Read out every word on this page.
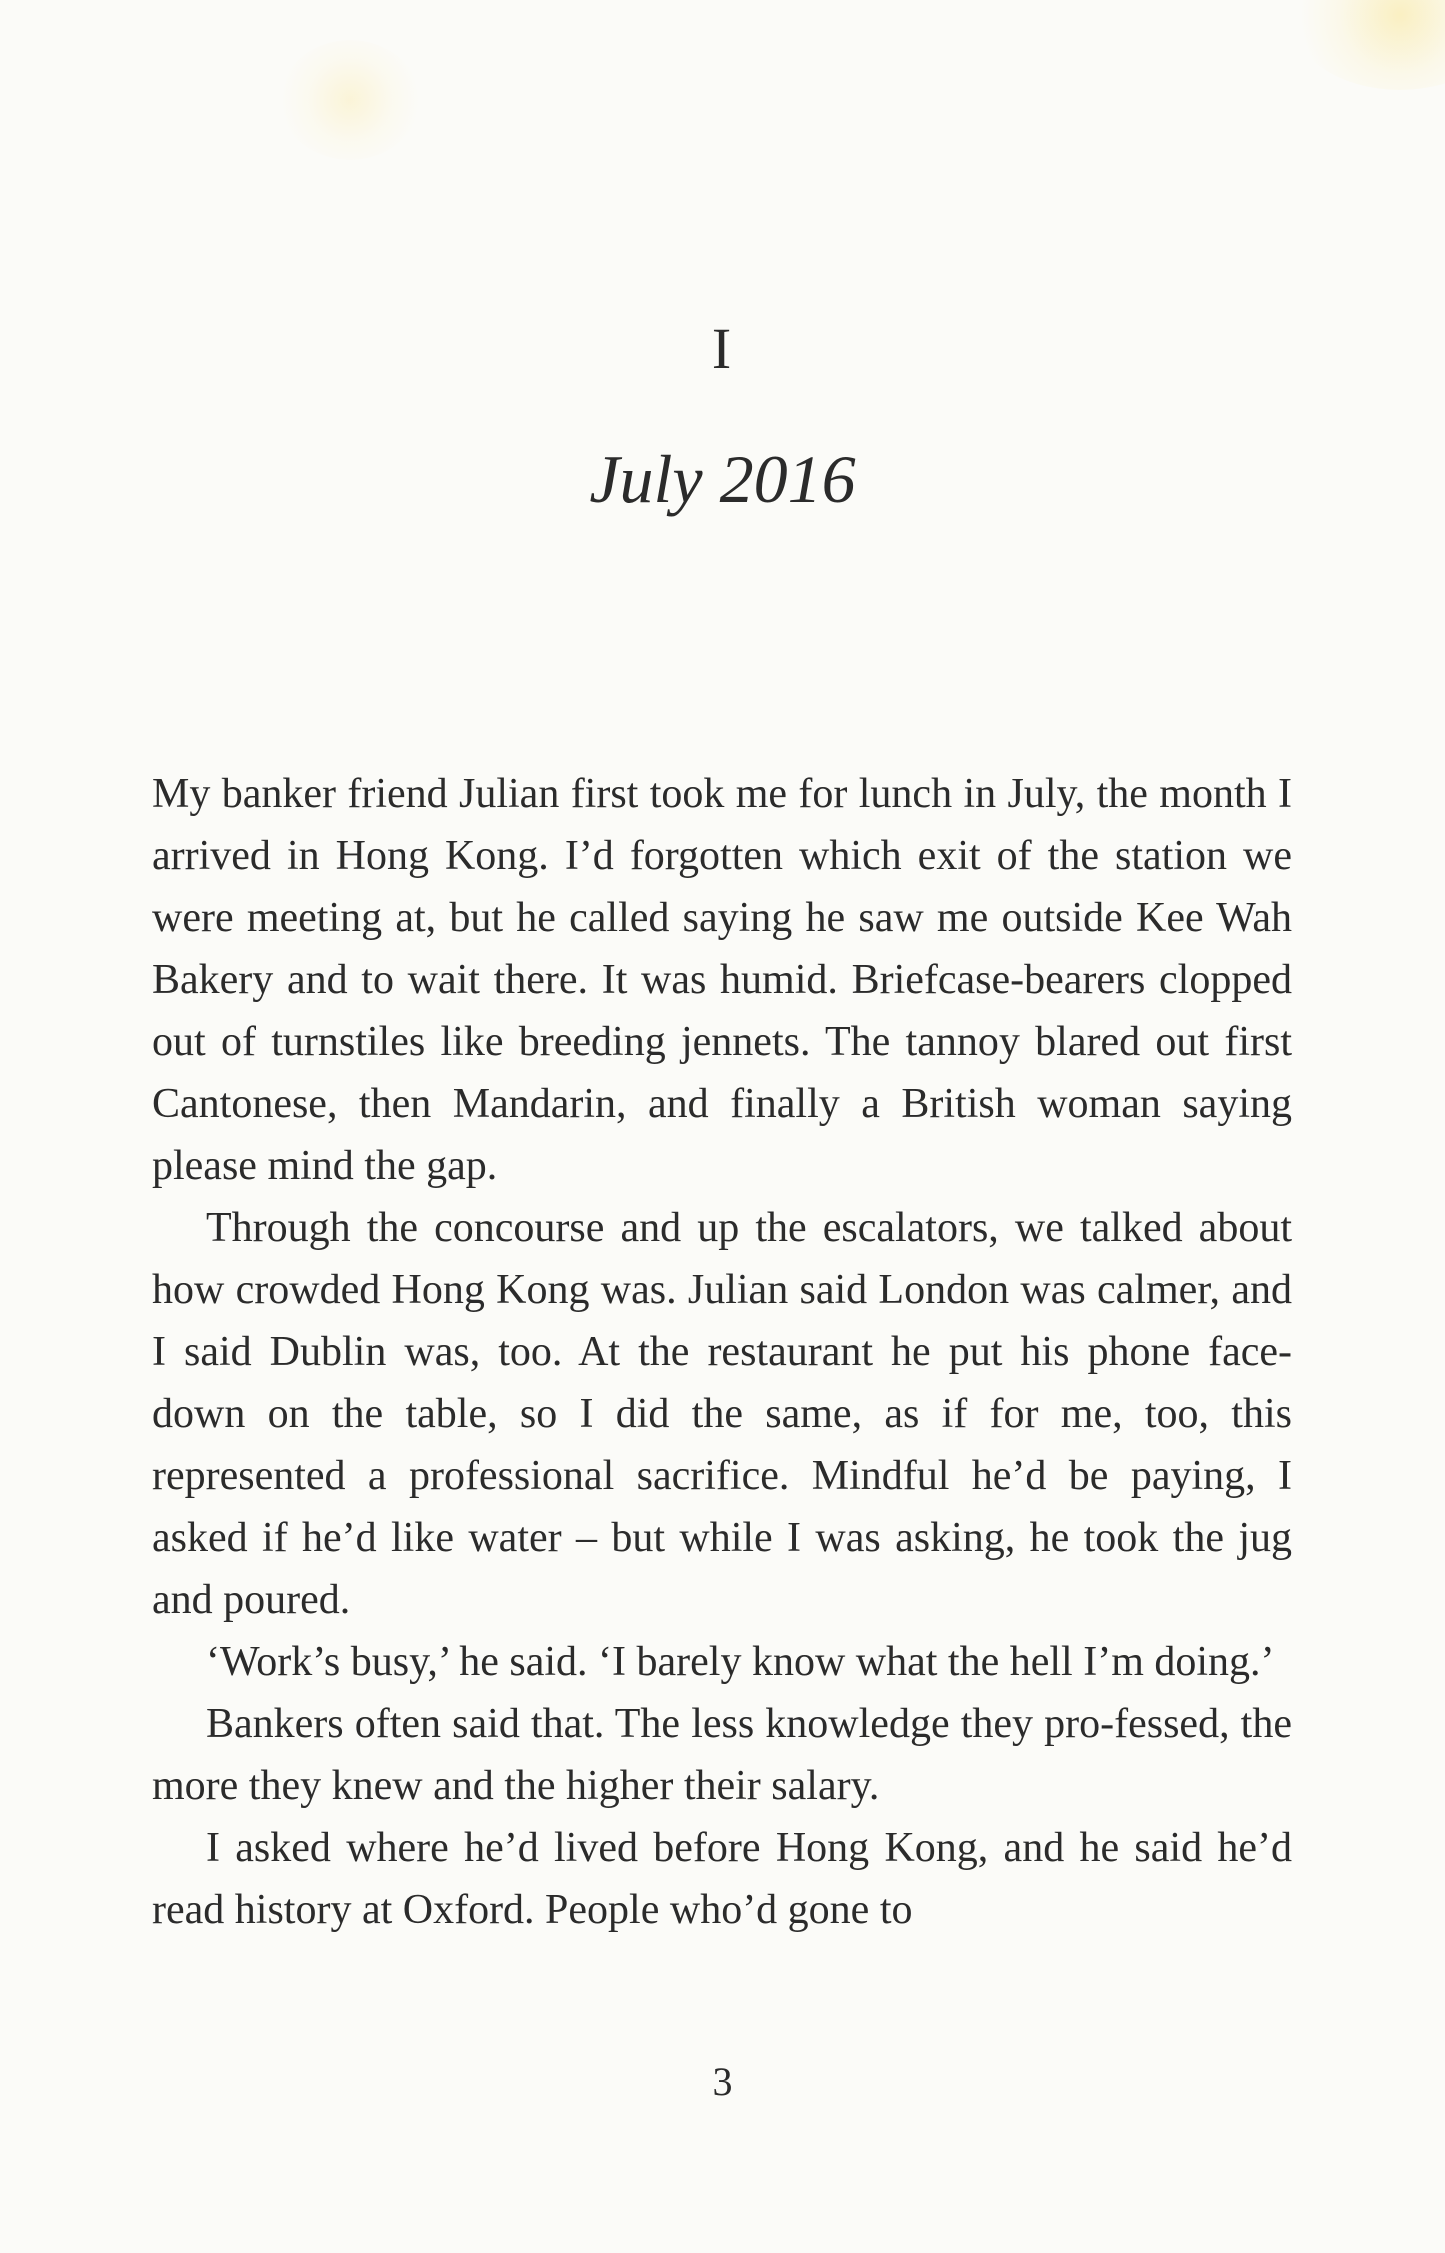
I
July 2016

My banker friend Julian first took me for lunch in July, the month I arrived in Hong Kong. I’d forgotten which exit of the station we were meeting at, but he called saying he saw me outside Kee Wah Bakery and to wait there. It was humid. Briefcase-bearers clopped out of turnstiles like breeding jennets. The tannoy blared out first Cantonese, then Mandarin, and finally a British woman saying please mind the gap.

Through the concourse and up the escalators, we talked about how crowded Hong Kong was. Julian said London was calmer, and I said Dublin was, too. At the restaurant he put his phone face-down on the table, so I did the same, as if for me, too, this represented a professional sacrifice. Mindful he’d be paying, I asked if he’d like water – but while I was asking, he took the jug and poured.

‘Work’s busy,’ he said. ‘I barely know what the hell I’m doing.’

Bankers often said that. The less knowledge they pro-fessed, the more they knew and the higher their salary.

I asked where he’d lived before Hong Kong, and he said he’d read history at Oxford. People who’d gone to

3
